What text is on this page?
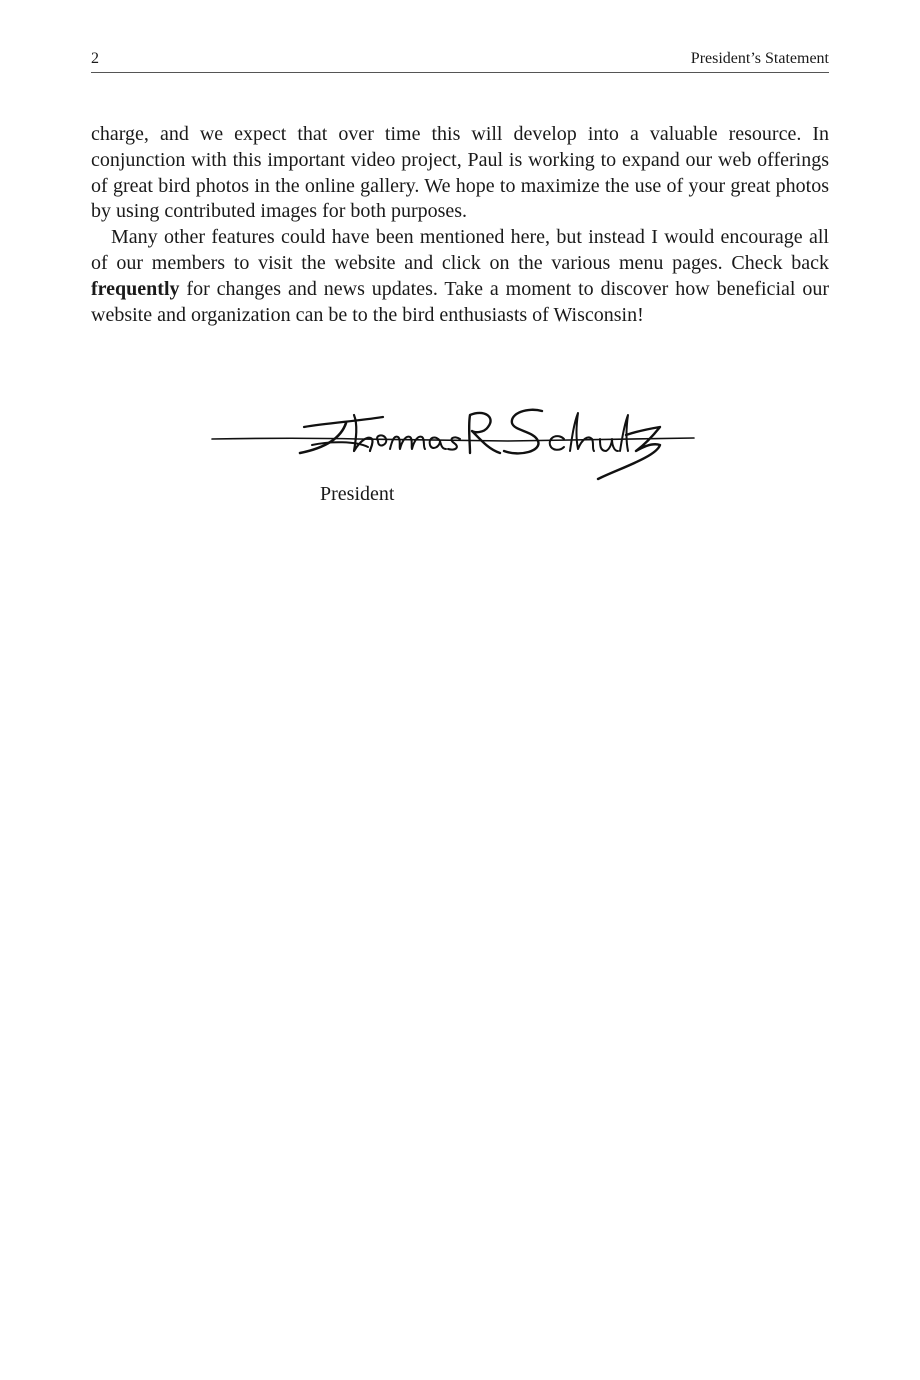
2	President’s Statement

charge, and we expect that over time this will develop into a valuable resource. In conjunction with this important video project, Paul is working to expand our web offerings of great bird photos in the online gallery. We hope to maximize the use of your great photos by using contributed images for both purposes.

Many other features could have been mentioned here, but instead I would encourage all of our members to visit the website and click on the various menu pages. Check back frequently for changes and news updates. Take a moment to discover how beneficial our website and organization can be to the bird enthusiasts of Wisconsin!

President
